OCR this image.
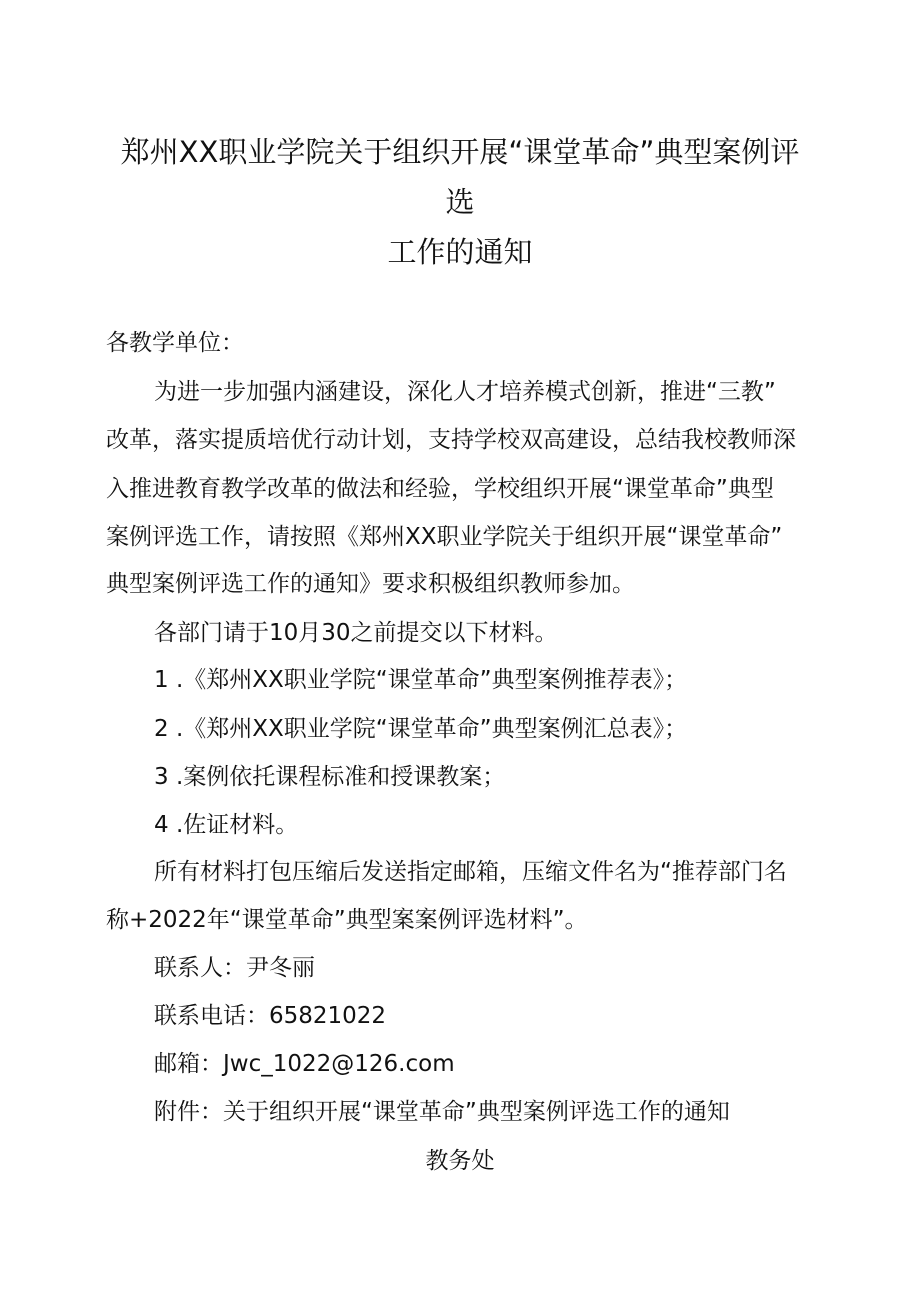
郑州XX职业学院关于组织开展“课堂革命”典型案例评
选
工作的通知
各教学单位：
为进一步加强内涵建设，深化人才培养模式创新，推进“三教”
改革，落实提质培优行动计划，支持学校双高建设，总结我校教师深
入推进教育教学改革的做法和经验，学校组织开展“课堂革命”典型
案例评选工作，请按照《郑州XX职业学院关于组织开展“课堂革命”
典型案例评选工作的通知》要求积极组织教师参加。
各部门请于10月30之前提交以下材料。
1 .《郑州XX职业学院“课堂革命”典型案例推荐表》；
2 .《郑州XX职业学院“课堂革命”典型案例汇总表》；
3 .案例依托课程标准和授课教案；
4 .佐证材料。
所有材料打包压缩后发送指定邮箱，压缩文件名为“推荐部门名
称+2022年“课堂革命”典型案案例评选材料”。
联系人：尹冬丽
联系电话：65821022
邮箱：Jwc_1022@126.com
附件：关于组织开展“课堂革命”典型案例评选工作的通知
教务处
